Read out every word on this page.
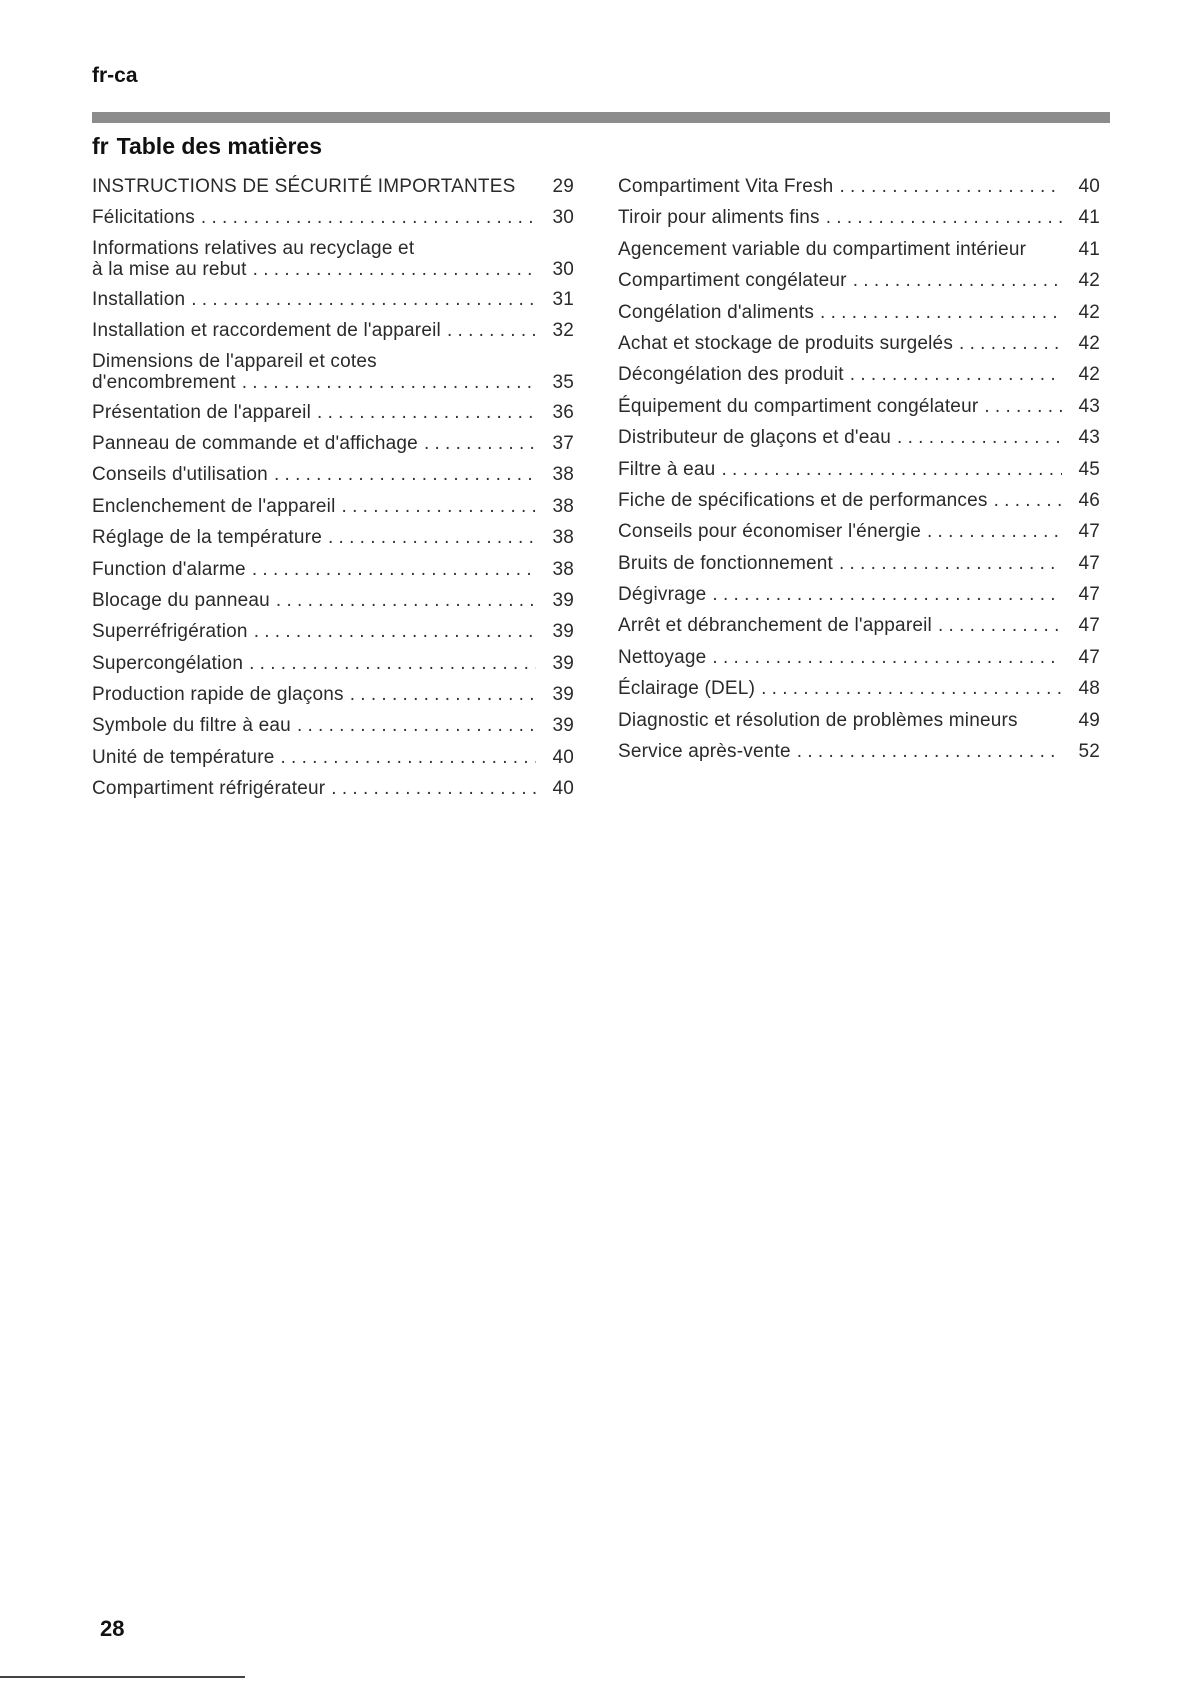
fr-ca
fr Table des matières
INSTRUCTIONS DE SÉCURITÉ IMPORTANTES	29
Félicitations . . .	30
Informations relatives au recyclage et
à la mise au rebut . . .	30
Installation . . .	31
Installation et raccordement de l'appareil . . .	32
Dimensions de l'appareil et cotes
d'encombrement . . .	35
Présentation de l'appareil . . .	36
Panneau de commande et d'affichage . . .	37
Conseils d'utilisation . . .	38
Enclenchement de l'appareil . . .	38
Réglage de la température . . .	38
Function d'alarme . . .	38
Blocage du panneau . . .	39
Superréfrigération . . .	39
Supercongélation . . .	39
Production rapide de glaçons . . .	39
Symbole du filtre à eau . . .	39
Unité de température . . .	40
Compartiment réfrigérateur . . .	40
Compartiment Vita Fresh . . .	40
Tiroir pour aliments fins . . .	41
Agencement variable du compartiment intérieur	41
Compartiment congélateur . . .	42
Congélation d'aliments . . .	42
Achat et stockage de produits surgelés . . .	42
Décongélation des produit . . .	42
Équipement du compartiment congélateur . . .	43
Distributeur de glaçons et d'eau . . .	43
Filtre à eau . . .	45
Fiche de spécifications et de performances . . .	46
Conseils pour économiser l'énergie . . .	47
Bruits de fonctionnement . . .	47
Dégivrage . . .	47
Arrêt et débranchement de l'appareil . . .	47
Nettoyage . . .	47
Éclairage (DEL) . . .	48
Diagnostic et résolution de problèmes mineurs	49
Service après-vente . . .	52
28
